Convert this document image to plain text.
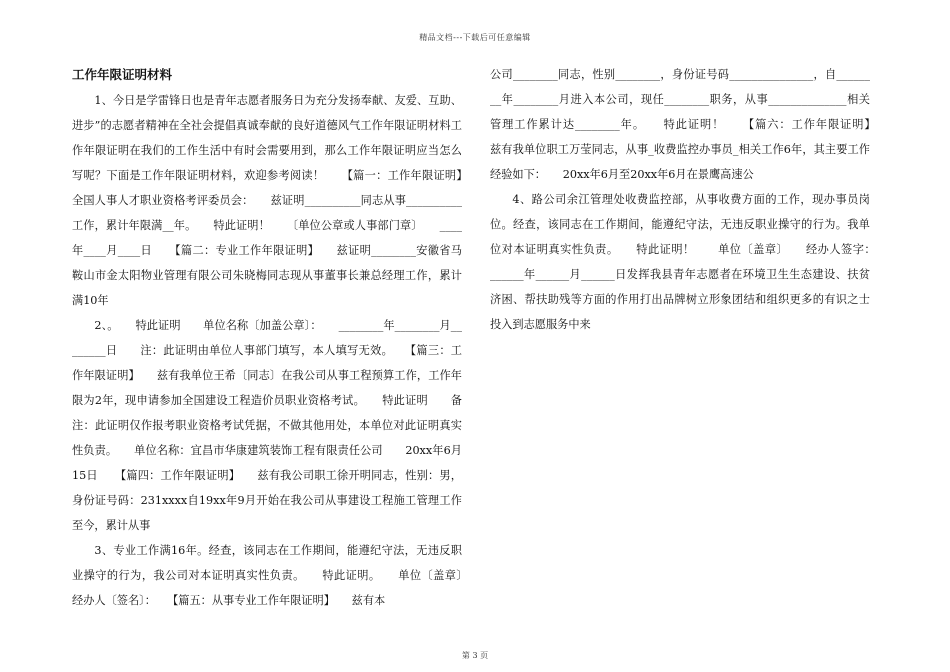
精品文档---下载后可任意编辑
工作年限证明材料

1、今日是学雷锋日也是青年志愿者服务日为充分发扬奉献、友爱、互助、进步”的志愿者精神在全社会提倡真诚奉献的良好道德风气工作年限证明材料工作年限证明在我们的工作生活中有时会需要用到，那么工作年限证明应当怎么写呢？下面是工作年限证明材料，欢迎参考阅读！　　【篇一：工作年限证明】　　全国人事人才职业资格考评委员会：　　兹证明__________同志从事__________工作，累计年限满__年。　　特此证明！　　〔单位公章或人事部门章〕　　____年____月____日　　【篇二：专业工作年限证明】　　兹证明________安徽省马鞍山市金太阳物业管理有限公司朱晓梅同志现从事董事长兼总经理工作，累计满10年

2、。　　特此证明　　单位名称〔加盖公章〕：　　________年________月________日　　注：此证明由单位人事部门填写，本人填写无效。　　【篇三：工作年限证明】　　兹有我单位王希〔同志〕在我公司从事工程预算工作，工作年限为2年，现申请参加全国建设工程造价员职业资格考试。　　特此证明　　备注：此证明仅作报考职业资格考试凭据，不做其他用处，本单位对此证明真实性负责。　　单位名称：宜昌市华康建筑装饰工程有限责任公司　　20xx年6月15日　　【篇四：工作年限证明】　　兹有我公司职工徐开明同志，性别：男，身份证号码：231xxxx自19xx年9月开始在我公司从事建设工程施工管理工作至今，累计从事

3、专业工作满16年。经查，该同志在工作期间，能遵纪守法，无违反职业操守的行为，我公司对本证明真实性负责。　　特此证明。　　单位〔盖章〕　　经办人〔签名〕：　　【篇五：从事专业工作年限证明】　　兹有本

公司________同志，性别________，身份证号码_______________，自________年________月进入本公司，现任________职务，从事______________相关管理工作累计达________年。　　特此证明！　　【篇六：工作年限证明】　　兹有我单位职工万莹同志，从事_收费监控办事员_相关工作6年，其主要工作经验如下：　　20xx年6月至20xx年6月在景鹰高速公

4、路公司余江管理处收费监控部，从事收费方面的工作，现办事员岗位。经查，该同志在工作期间，能遵纪守法，无违反职业操守的行为。我单位对本证明真实性负责。　　特此证明！　　单位〔盖章〕　　经办人签字：　　______年______月______日发挥我县青年志愿者在环境卫生生态建设、扶贫济困、帮扶助残等方面的作用打出品牌树立形象团结和组织更多的有识之士投入到志愿服务中来

第 3 页
